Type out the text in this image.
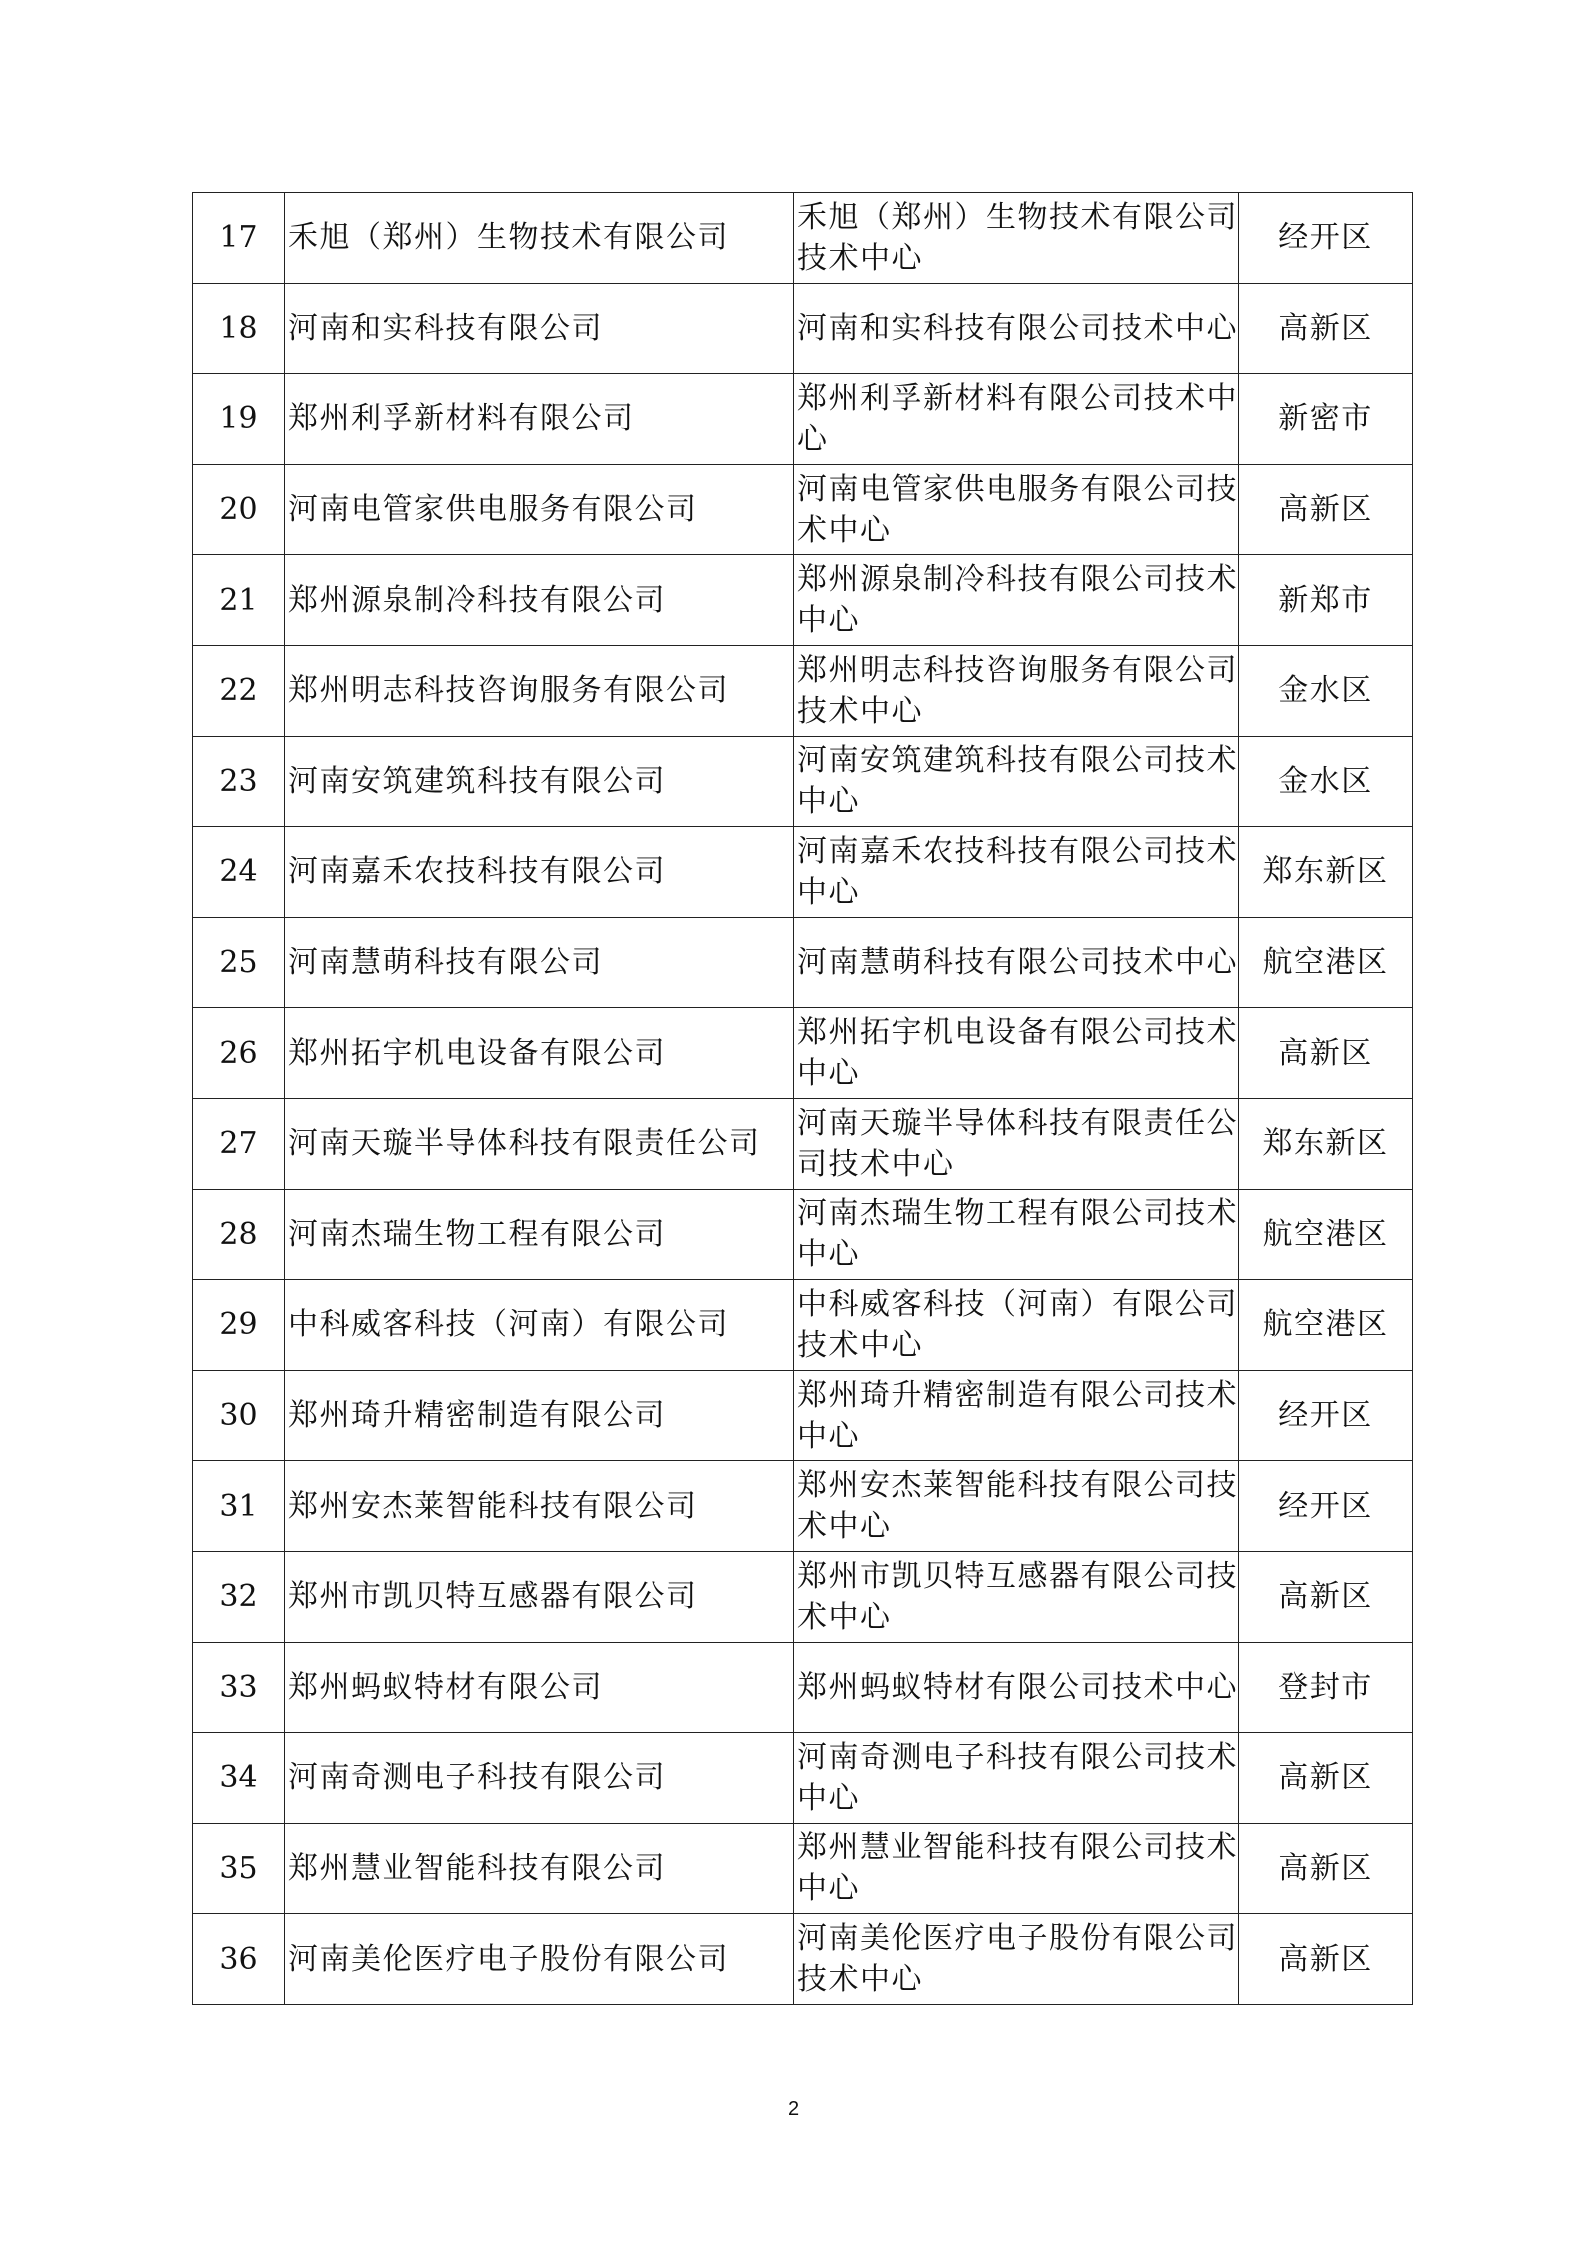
17	禾旭（郑州）生物技术有限公司	禾旭（郑州）生物技术有限公司技术中心	经开区
18	河南和实科技有限公司	河南和实科技有限公司技术中心	高新区
19	郑州利孚新材料有限公司	郑州利孚新材料有限公司技术中心	新密市
20	河南电管家供电服务有限公司	河南电管家供电服务有限公司技术中心	高新区
21	郑州源泉制冷科技有限公司	郑州源泉制冷科技有限公司技术中心	新郑市
22	郑州明志科技咨询服务有限公司	郑州明志科技咨询服务有限公司技术中心	金水区
23	河南安筑建筑科技有限公司	河南安筑建筑科技有限公司技术中心	金水区
24	河南嘉禾农技科技有限公司	河南嘉禾农技科技有限公司技术中心	郑东新区
25	河南慧萌科技有限公司	河南慧萌科技有限公司技术中心	航空港区
26	郑州拓宇机电设备有限公司	郑州拓宇机电设备有限公司技术中心	高新区
27	河南天璇半导体科技有限责任公司	河南天璇半导体科技有限责任公司技术中心	郑东新区
28	河南杰瑞生物工程有限公司	河南杰瑞生物工程有限公司技术中心	航空港区
29	中科威客科技（河南）有限公司	中科威客科技（河南）有限公司技术中心	航空港区
30	郑州琦升精密制造有限公司	郑州琦升精密制造有限公司技术中心	经开区
31	郑州安杰莱智能科技有限公司	郑州安杰莱智能科技有限公司技术中心	经开区
32	郑州市凯贝特互感器有限公司	郑州市凯贝特互感器有限公司技术中心	高新区
33	郑州蚂蚁特材有限公司	郑州蚂蚁特材有限公司技术中心	登封市
34	河南奇测电子科技有限公司	河南奇测电子科技有限公司技术中心	高新区
35	郑州慧业智能科技有限公司	郑州慧业智能科技有限公司技术中心	高新区
36	河南美伦医疗电子股份有限公司	河南美伦医疗电子股份有限公司技术中心	高新区
2
